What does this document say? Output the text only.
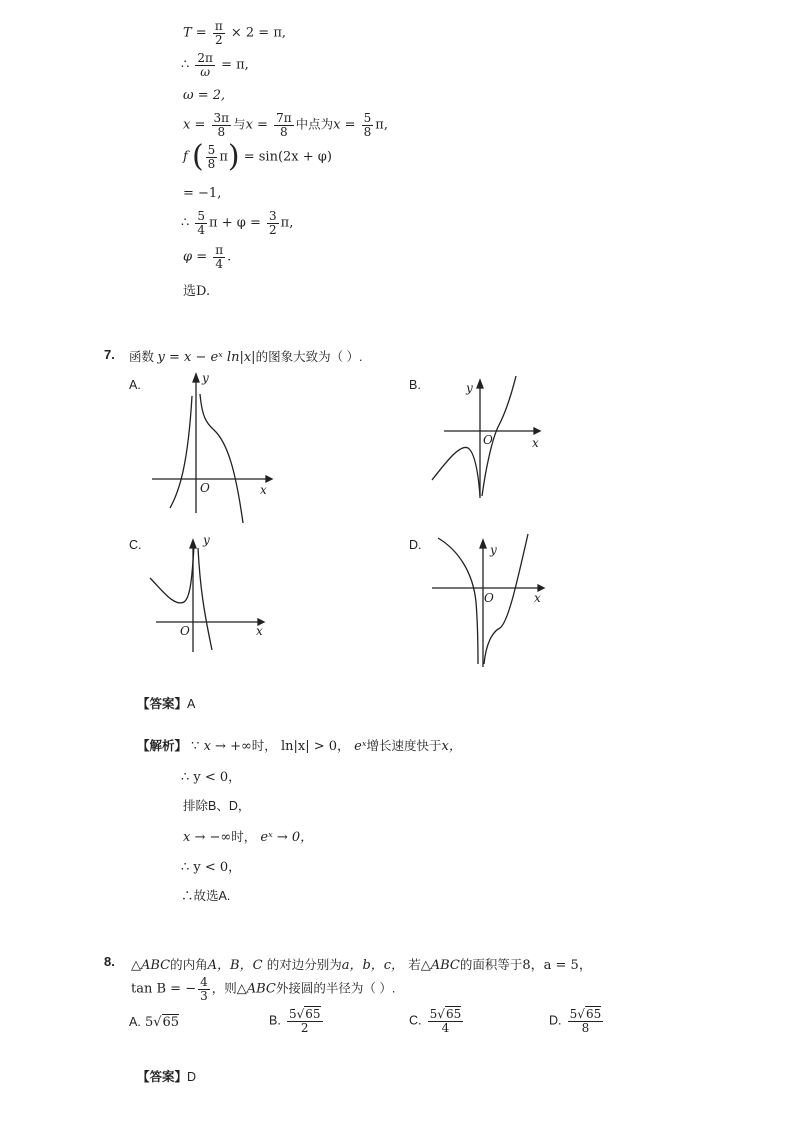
$T = \frac{\pi}{2} \times 2 = \pi$,
∴ $\frac{2\pi}{\omega} = \pi$,
ω = 2,
$x = \frac{3\pi}{8}$ 与$x = \frac{7\pi}{8}$ 中点为$x = \frac{5}{8} \pi$,
f ( $\frac{5}{8} \pi) = \sin(2x + \varphi)$
= −1,
∴ $\frac{5}{4}$ $\pi + \varphi = \frac{3}{2} \pi$,
$\varphi = \frac{\pi}{4}$ .
选D.
7. 函数 y = x − eˣ ln|x|的图象大致为（ ）.
A.	B.
C.	D.
y
x
O
y
x
O
y
x
O
y
x
O
【答案】A
【解析】 ∵ x → +∞时， ln|x| > 0， eˣ增长速度快于x，
∴ y < 0，
排除B、D，
x → −∞时， eˣ → 0，
∴ y < 0，
∴故选A.
8. △ABC的内角A，B，C 的对边分别为a，b，c， 若△ABC的面积等于8，a = 5，
tan B = − $\frac{4}{3}$ ，则△ABC外接圆的半径为（ ）.
A. 5√65	B. $\frac{5√65}{2}$	C. $\frac{5√65}{4}$	D. $\frac{5√65}{8}$
【答案】D
